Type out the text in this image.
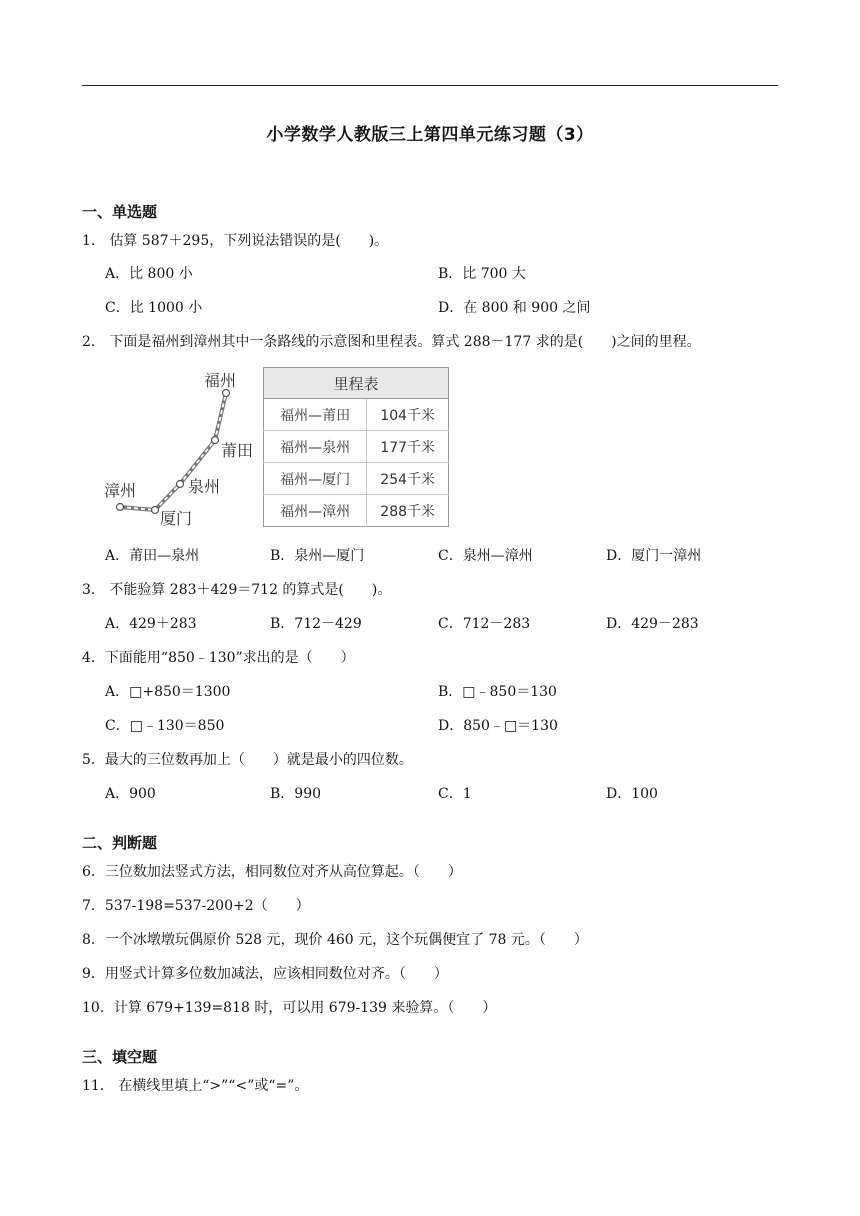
小学数学人教版三上第四单元练习题（3）
一、单选题
1． 估算 587＋295，下列说法错误的是(　　)。
A．比 800 小	B．比 700 大
C．比 1000 小	D．在 800 和 900 之间
2． 下面是福州到漳州其中一条路线的示意图和里程表。算式 288－177 求的是(　　)之间的里程。
福州
莆田
泉州
厦门
漳州
里程表	
福州—莆田	104千米
福州—泉州	177千米
福州—厦门	254千米
福州—漳州	288千米
A．莆田—泉州	B．泉州—厦门	C．泉州—漳州	D．厦门一漳州
3． 不能验算 283＋429＝712 的算式是(　　)。
A．429＋283	B．712－429	C．712－283	D．429－283
4．下面能用“850﹣130”求出的是（　　）
A．□+850＝1300	B．□﹣850＝130
C．□﹣130＝850	D．850﹣□＝130
5．最大的三位数再加上（　　）就是最小的四位数。
A．900	B．990	C．1	D．100
二、判断题
6．三位数加法竖式方法，相同数位对齐从高位算起。（　　）
7．537-198=537-200+2（　　）
8．一个冰墩墩玩偶原价 528 元，现价 460 元，这个玩偶便宜了 78 元。（　　）
9．用竖式计算多位数加减法，应该相同数位对齐。（　　）
10．计算 679+139=818 时，可以用 679-139 来验算。（　　）
三、填空题
11． 在横线里填上“>”“<”或“=”。
